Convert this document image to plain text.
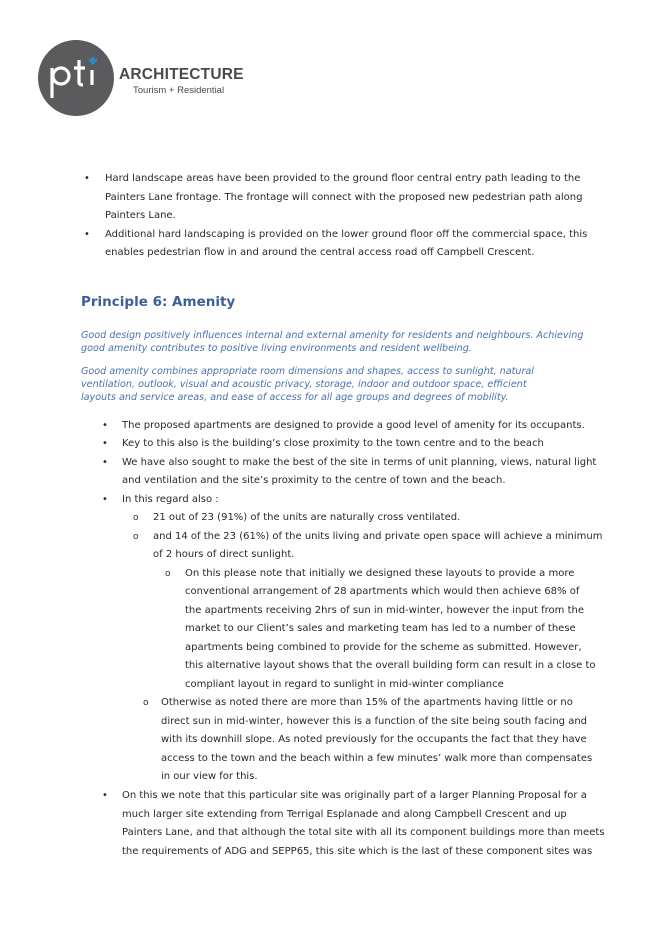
ARCHITECTURE
Tourism + Residential
• Hard landscape areas have been provided to the ground floor central entry path leading to the
Painters Lane frontage. The frontage will connect with the proposed new pedestrian path along
Painters Lane.
• Additional hard landscaping is provided on the lower ground floor off the commercial space, this
enables pedestrian flow in and around the central access road off Campbell Crescent.
Principle 6: Amenity
Good design positively influences internal and external amenity for residents and neighbours. Achieving
good amenity contributes to positive living environments and resident wellbeing.
Good amenity combines appropriate room dimensions and shapes, access to sunlight, natural
ventilation, outlook, visual and acoustic privacy, storage, indoor and outdoor space, efficient
layouts and service areas, and ease of access for all age groups and degrees of mobility.
• The proposed apartments are designed to provide a good level of amenity for its occupants.
• Key to this also is the building’s close proximity to the town centre and to the beach
• We have also sought to make the best of the site in terms of unit planning, views, natural light
and ventilation and the site’s proximity to the centre of town and the beach.
• In this regard also :
o 21 out of 23 (91%) of the units are naturally cross ventilated.
o and 14 of the 23 (61%) of the units living and private open space will achieve a minimum
of 2 hours of direct sunlight.
o On this please note that initially we designed these layouts to provide a more
conventional arrangement of 28 apartments which would then achieve 68% of
the apartments receiving 2hrs of sun in mid-winter, however the input from the
market to our Client’s sales and marketing team has led to a number of these
apartments being combined to provide for the scheme as submitted. However,
this alternative layout shows that the overall building form can result in a close to
compliant layout in regard to sunlight in mid-winter compliance
o Otherwise as noted there are more than 15% of the apartments having little or no
direct sun in mid-winter, however this is a function of the site being south facing and
with its downhill slope. As noted previously for the occupants the fact that they have
access to the town and the beach within a few minutes’ walk more than compensates
in our view for this.
• On this we note that this particular site was originally part of a larger Planning Proposal for a
much larger site extending from Terrigal Esplanade and along Campbell Crescent and up
Painters Lane, and that although the total site with all its component buildings more than meets
the requirements of ADG and SEPP65, this site which is the last of these component sites was
